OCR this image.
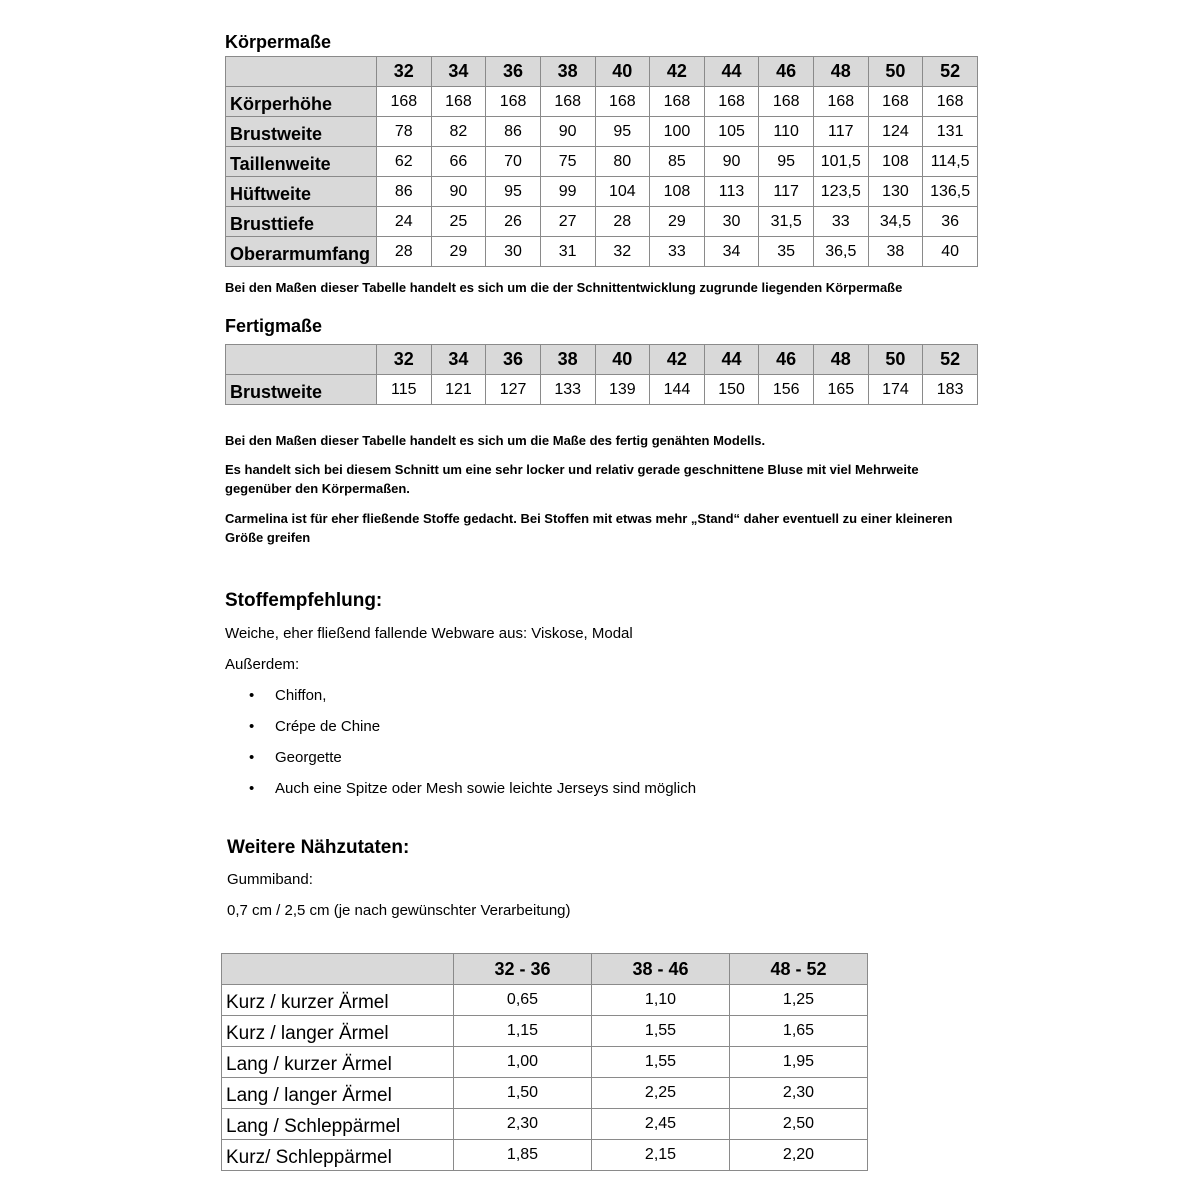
Körpermaße
	32	34	36	38	40	42	44	46	48	50	52
Körperhöhe	168	168	168	168	168	168	168	168	168	168	168
Brustweite	78	82	86	90	95	100	105	110	117	124	131
Taillenweite	62	66	70	75	80	85	90	95	101,5	108	114,5
Hüftweite	86	90	95	99	104	108	113	117	123,5	130	136,5
Brusttiefe	24	25	26	27	28	29	30	31,5	33	34,5	36
Oberarmumfang	28	29	30	31	32	33	34	35	36,5	38	40

Bei den Maßen dieser Tabelle handelt es sich um die der Schnittentwicklung zugrunde liegenden Körpermaße

Fertigmaße
	32	34	36	38	40	42	44	46	48	50	52
Brustweite	115	121	127	133	139	144	150	156	165	174	183

Bei den Maßen dieser Tabelle handelt es sich um die Maße des fertig genähten Modells.

Es handelt sich bei diesem Schnitt um eine sehr locker und relativ gerade geschnittene Bluse mit viel Mehrweite gegenüber den Körpermaßen.

Carmelina ist für eher fließende Stoffe gedacht. Bei Stoffen mit etwas mehr „Stand“ daher eventuell zu einer kleineren Größe greifen

Stoffempfehlung:

Weiche, eher fließend fallende Webware aus: Viskose, Modal

Außerdem:

• Chiffon,
• Crépe de Chine
• Georgette
• Auch eine Spitze oder Mesh sowie leichte Jerseys sind möglich
Weitere Nähzutaten:

Gummiband:

0,7 cm / 2,5 cm (je nach gewünschter Verarbeitung)

	32 - 36	38 - 46	48 - 52
Kurz / kurzer Ärmel	0,65	1,10	1,25
Kurz / langer Ärmel	1,15	1,55	1,65
Lang / kurzer Ärmel	1,00	1,55	1,95
Lang / langer Ärmel	1,50	2,25	2,30
Lang / Schleppärmel	2,30	2,45	2,50
Kurz/ Schleppärmel	1,85	2,15	2,20
